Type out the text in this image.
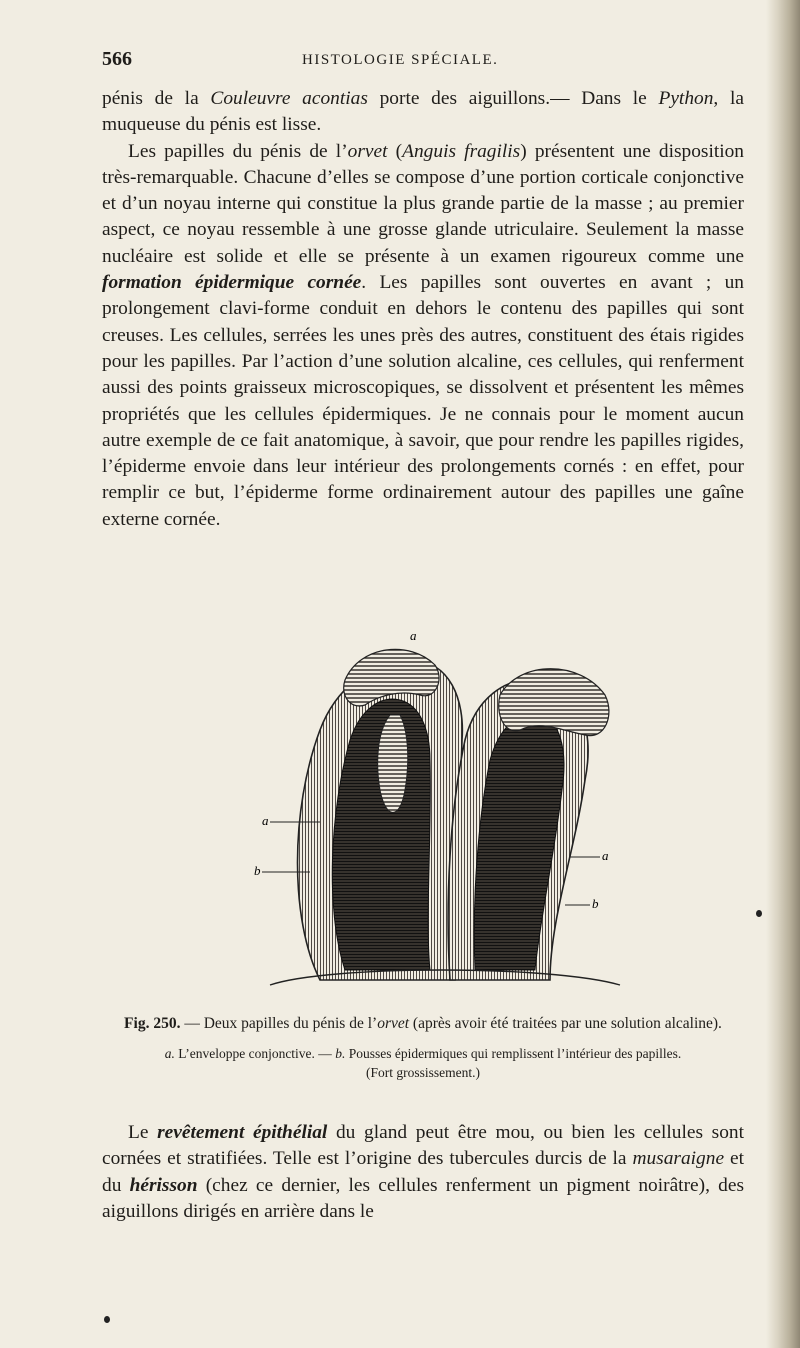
566	HISTOLOGIE SPÉCIALE.

pénis de la Couleuvre acontias porte des aiguillons.— Dans le Python, la muqueuse du pénis est lisse.

Les papilles du pénis de l’orvet (Anguis fragilis) présentent une disposition très-remarquable. Chacune d’elles se compose d’une portion corticale conjonctive et d’un noyau interne qui constitue la plus grande partie de la masse ; au premier aspect, ce noyau ressemble à une grosse glande utriculaire. Seulement la masse nucléaire est solide et elle se présente à un examen rigoureux comme une formation épidermique cornée. Les papilles sont ouvertes en avant ; un prolongement clavi-forme conduit en dehors le contenu des papilles qui sont creuses. Les cellules, serrées les unes près des autres, constituent des étais rigides pour les papilles. Par l’action d’une solution alcaline, ces cellules, qui renferment aussi des points graisseux microscopiques, se dissolvent et présentent les mêmes propriétés que les cellules épidermiques. Je ne connais pour le moment aucun autre exemple de ce fait anatomique, à savoir, que pour rendre les papilles rigides, l’épiderme envoie dans leur intérieur des prolongements cornés : en effet, pour remplir ce but, l’épiderme forme ordinairement autour des papilles une gaîne externe cornée.

a
b
a
a
b
Fig. 250. — Deux papilles du pénis de l’orvet (après avoir été traitées par une solution alcaline).
a. L’enveloppe conjonctive. — b. Pousses épidermiques qui remplissent l’intérieur des papilles.
(Fort grossissement.)

Le revêtement épithélial du gland peut être mou, ou bien les cellules sont cornées et stratifiées. Telle est l’origine des tubercules durcis de la musaraigne et du hérisson (chez ce dernier, les cellules renferment un pigment noirâtre), des aiguillons dirigés en arrière dans le
